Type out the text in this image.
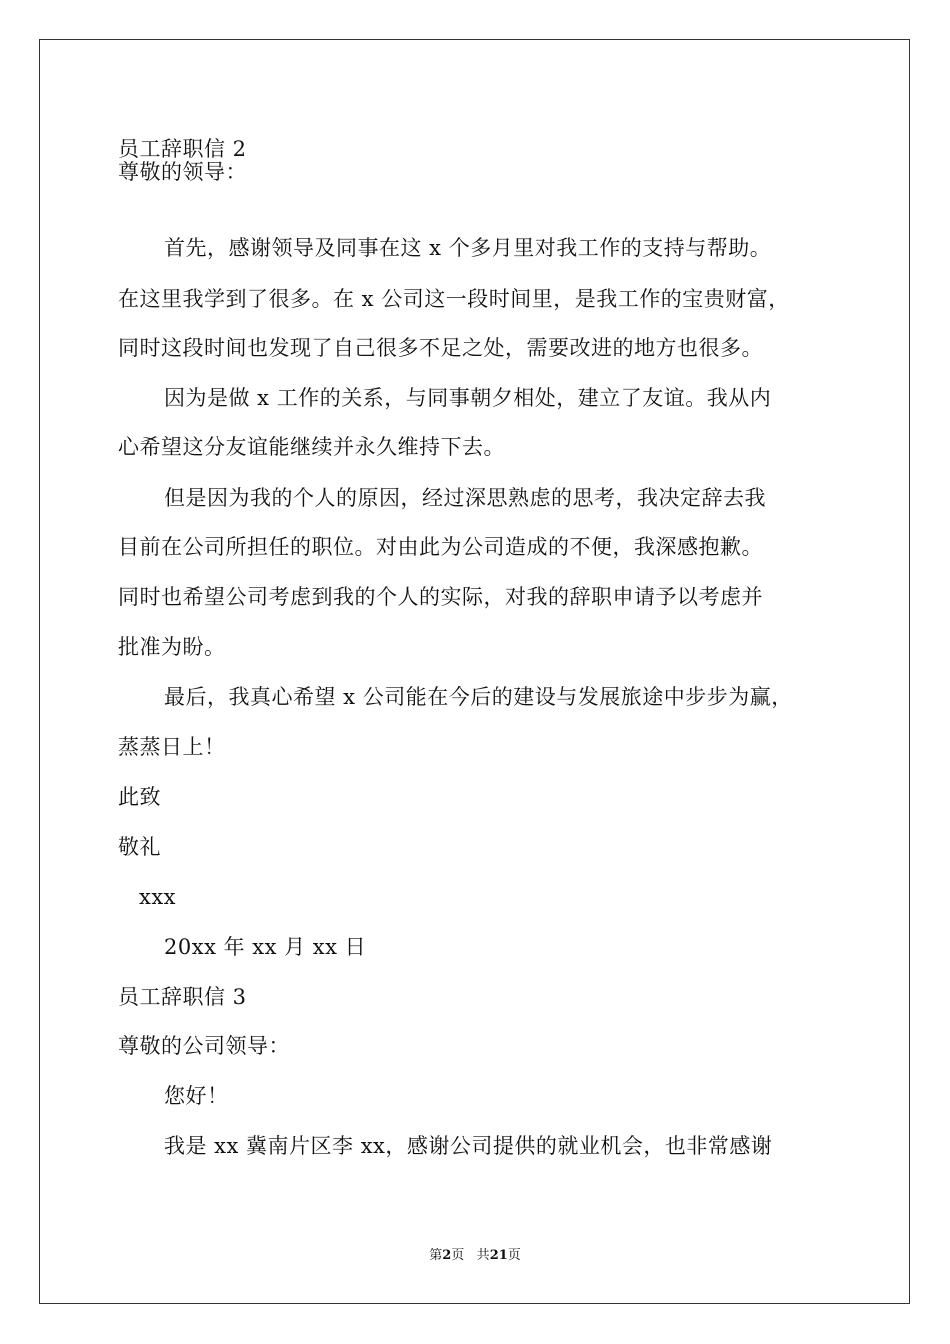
员工辞职信 2
尊敬的领导：
首先，感谢领导及同事在这 x 个多月里对我工作的支持与帮助。
在这里我学到了很多。在 x 公司这一段时间里，是我工作的宝贵财富，
同时这段时间也发现了自己很多不足之处，需要改进的地方也很多。
因为是做 x 工作的关系，与同事朝夕相处，建立了友谊。我从内
心希望这分友谊能继续并永久维持下去。
但是因为我的个人的原因，经过深思熟虑的思考，我决定辞去我
目前在公司所担任的职位。对由此为公司造成的不便，我深感抱歉。
同时也希望公司考虑到我的个人的实际，对我的辞职申请予以考虑并
批准为盼。
最后，我真心希望 x 公司能在今后的建设与发展旅途中步步为赢，
蒸蒸日上！
此致
敬礼
xxx
20xx 年 xx 月 xx 日
员工辞职信 3
尊敬的公司领导：
您好！
我是 xx 冀南片区李 xx，感谢公司提供的就业机会，也非常感谢
第2页 共21页
